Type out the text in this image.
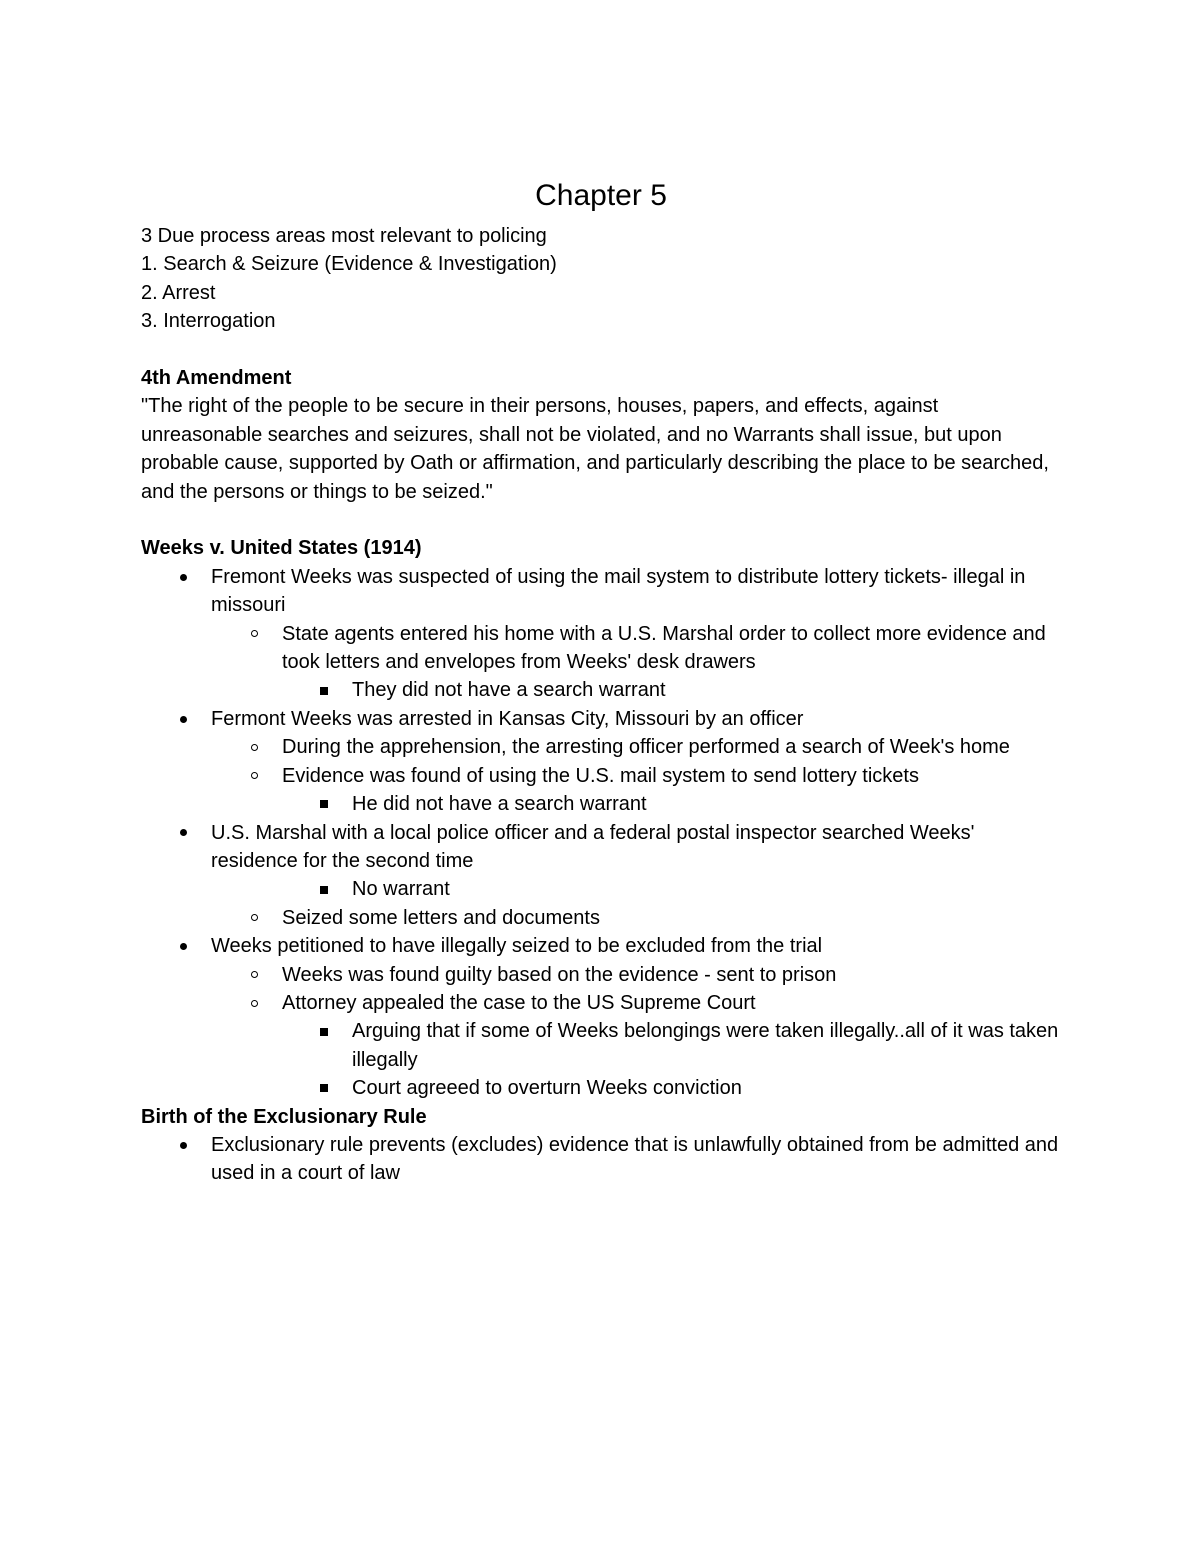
Chapter 5

3 Due process areas most relevant to policing

1. Search & Seizure (Evidence & Investigation)

2. Arrest

3. Interrogation

4th Amendment

"The right of the people to be secure in their persons, houses, papers, and effects, against unreasonable searches and seizures, shall not be violated, and no Warrants shall issue, but upon probable cause, supported by Oath or affirmation, and particularly describing the place to be searched, and the persons or things to be seized."

Weeks v. United States (1914)

Fremont Weeks was suspected of using the mail system to distribute lottery tickets- illegal in missouri
State agents entered his home with a U.S. Marshal order to collect more evidence and took letters and envelopes from Weeks' desk drawers
They did not have a search warrant
Fermont Weeks was arrested in Kansas City, Missouri by an officer
During the apprehension, the arresting officer performed a search of Week's home
Evidence was found of using the U.S. mail system to send lottery tickets
He did not have a search warrant
U.S. Marshal with a local police officer and a federal postal inspector searched Weeks' residence for the second time
No warrant
Seized some letters and documents
Weeks petitioned to have illegally seized to be excluded from the trial
Weeks was found guilty based on the evidence - sent to prison
Attorney appealed the case to the US Supreme Court
Arguing that if some of Weeks belongings were taken illegally..all of it was taken illegally
Court agreeed to overturn Weeks conviction

Birth of the Exclusionary Rule

Exclusionary rule prevents (excludes) evidence that is unlawfully obtained from be admitted and used in a court of law
